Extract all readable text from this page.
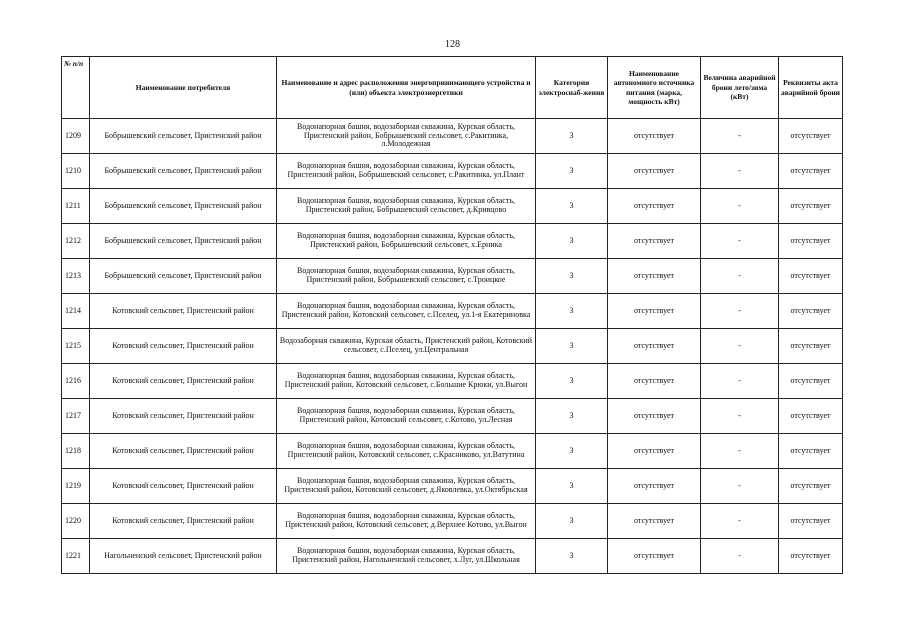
128
№ п/п	Наименование потребителя	Наименование и адрес расположения энергопринимающего устройства и (или) объекта электроэнергетики	Категория электроснаб-жения	Наименование автономного источника питания (марка, мощность кВт)	Величина аварийной брони лето/зима (кВт)	Реквизиты акта аварийной брони
1209	Бобрышевский сельсовет, Пристенский район	Водонапорная башня, водозаборная скважина, Курская область, Пристенский район, Бобрышевский сельсовет, с.Ракитинка, л.Молодежная	3	отсутствует	-	отсутствует
1210	Бобрышевский сельсовет, Пристенский район	Водонапорная башня, водозаборная скважина, Курская область, Пристенский район, Бобрышевский сельсовет, с.Ракитинка, ул.Плант	3	отсутствует	-	отсутствует
1211	Бобрышевский сельсовет, Пристенский район	Водонапорная башня, водозаборная скважина, Курская область, Пристенский район, Бобрышевский сельсовет, д.Кривцово	3	отсутствует	-	отсутствует
1212	Бобрышевский сельсовет, Пристенский район	Водонапорная башня, водозаборная скважина, Курская область, Пристенский район, Бобрышевский сельсовет, х.Ерника	3	отсутствует	-	отсутствует
1213	Бобрышевский сельсовет, Пристенский район	Водонапорная башня, водозаборная скважина, Курская область, Пристенский район, Бобрышевский сельсовет, с.Троицкое	3	отсутствует	-	отсутствует
1214	Котовский сельсовет, Пристенский район	Водонапорная башня, водозаборная скважина, Курская область, Пристенский район, Котовский сельсовет, с.Пселец, ул.1-я Екатериновка	3	отсутствует	-	отсутствует
1215	Котовский сельсовет, Пристенский район	Водозаборная скважина, Курская область, Пристенский район, Котовский сельсовет, с.Пселец, ул.Центральная	3	отсутствует	-	отсутствует
1216	Котовский сельсовет, Пристенский район	Водонапорная башня, водозаборная скважина, Курская область, Пристенский район, Котовский сельсовет, с.Большие Крюки, ул.Выгон	3	отсутствует	-	отсутствует
1217	Котовский сельсовет, Пристенский район	Водонапорная башня, водозаборная скважина, Курская область, Пристенский район, Котовский сельсовет, с.Котово, ул.Лесная	3	отсутствует	-	отсутствует
1218	Котовский сельсовет, Пристенский район	Водонапорная башня, водозаборная скважина, Курская область, Пристенский район, Котовский сельсовет, с.Красниково, ул.Ватутина	3	отсутствует	-	отсутствует
1219	Котовский сельсовет, Пристенский район	Водонапорная башня, водозаборная скважина, Курская область, Пристенский район, Котовский сельсовет, д.Яковлевка, ул.Октябрьская	3	отсутствует	-	отсутствует
1220	Котовский сельсовет, Пристенский район	Водонапорная башня, водозаборная скважина, Курская область, Пристенский район, Котовский сельсовет, д.Верхнее Котово, ул.Выгон	3	отсутствует	-	отсутствует
1221	Нагольненский сельсовет, Пристенский район	Водонапорная башня, водозаборная скважина, Курская область, Пристенский район, Нагольненский сельсовет, х.Луг, ул.Школьная	3	отсутствует	-	отсутствует
